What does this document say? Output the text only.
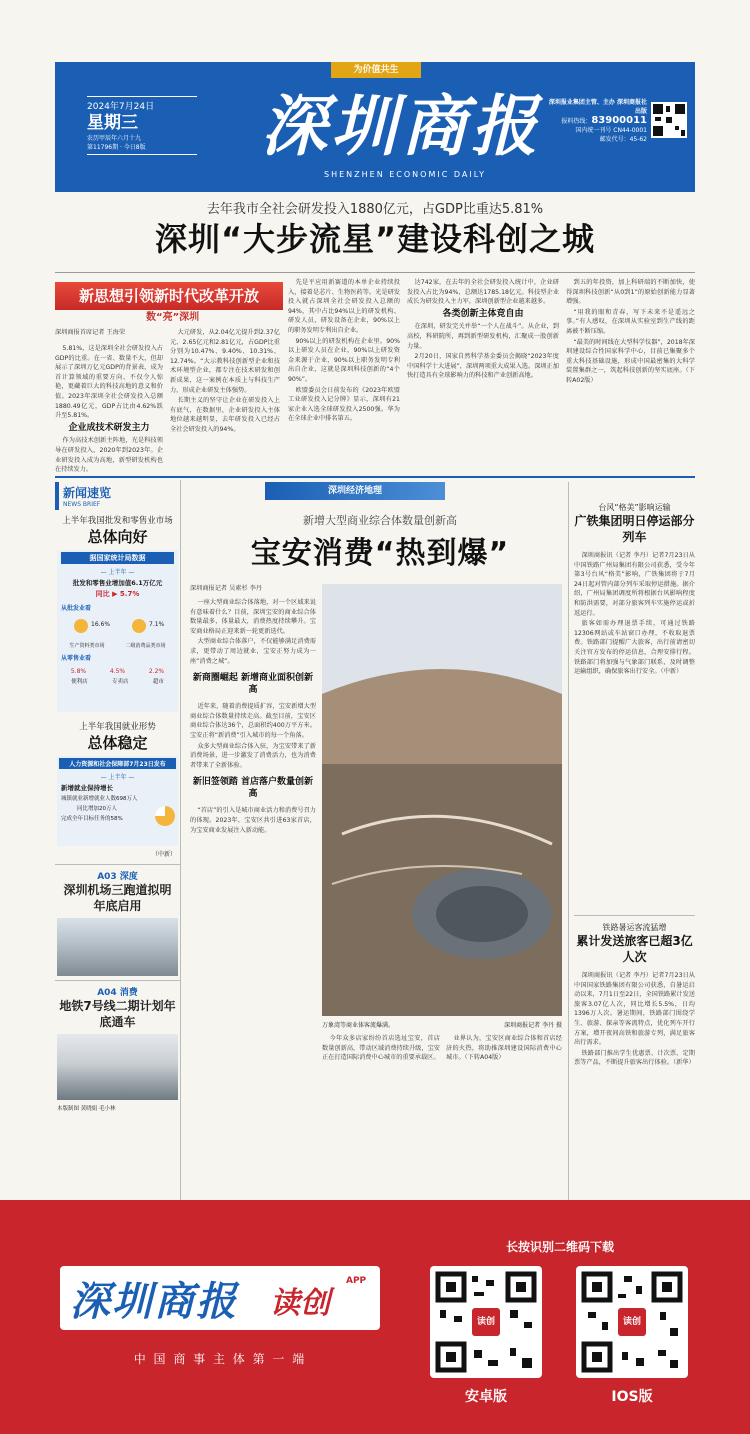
为价值共生
2024年7月24日
星期三
农历甲辰年六月十九
第11796期 · 今日8版	深圳商报
SHENZHEN ECONOMIC DAILY
深圳报业集团主管、主办 深圳商报社出版
报料热线：83900011
国内统一刊号 CN44-0001
邮发代号：45-62
去年我市全社会研发投入1880亿元，占GDP比重达5.81%
深圳“大步流星”建设科创之城
新思想引领新时代改革开放
数“亮”深圳
深圳商报首席记者 王海荣

5.81%，这是深圳全社会研发投入占GDP的比重。在一省、数量不大，但却展示了深圳万亿元GDP的背景表，成为首计算领域的重要方向、不仅令人惊艳，更藏着巨大的科技高地的意义和价值。2023年深圳全社会研发投入总额1880.49亿元，GDP占比由4.62%跃升至5.81%。

企业成技术研发主力

作为高技术创新主阵地，光是科技领导在研发投入，2020年到2023年。企业研发投入成为高地，新型研发机构也在持续发力。

大元研发，从2.04亿元提升到2.37亿元、2.65亿元和2.81亿元，占GDP比重分别为10.47%、9.40%、10.31%、12.74%。“大示教科技创新型企业和技术环境型企业，都专注在技术研发和创新成果，这一案例在本质上与科技生产力，形成企业研发主体强势。

长期主义的坚守让企业在研发投入上有底气，在数据里，企业研发投入主体地位越来越明显，去年研发投入已经占全社会研发投入的94%。

先是平应用新赛道的本单企业持续投入，接着是芯片、生物医药等。光是研发投入就占深圳全社会研发投入总额的94%，其中占比94%以上的研发机构、研发人员，研发设备在企业，90%以上的职务发明专利出自企业。

90%以上的研发机构在企业里。90%以上研发人员在企业，90%以上研发资金来源于企业，90%以上职务发明专利出自企业，这就是深圳科技创新的“4个90%”。

欧盟委员会日前发布的《2023年欧盟工业研发投入记分牌》显示，深圳有21家企业入选全球研发投入2500强。华为在全球企业中排名第五。

达742家，在去年的全社会研发投入统计中，企业研发投入占比为94%，总额达1785.18亿元。科技型企业成长为研发投入主力军，深圳创新型企业越来越多。

各类创新主体竞自由

在深圳，研发完关并举“一个人在战斗”。从企业，到高校，科研院所，再到新型研发机构，汇聚成一股创新力量。

2月20日，国家自然科学基金委员会揭晓“2023年度中国科学十大进展”，深圳两项重大成果入选。深圳正加快打造具有全球影响力的科技和产业创新高地。

到五的年投资，加上科研端的不断加快，使得深圳科技创新“从0到1”的原始创新能力显著增强。

“用我的眼和青春，写下未来不是遥远之事。”有人感叹，在深圳从实验室到生产线的距离被不断压缩。

“最美的时间线在大型科学仪器”，2018年深圳建设综合性国家科学中心，目前已集聚多个重大科技基础设施，形成中国最密集的大科学装置集群之一，筑起科技创新的坚实底座。（下转A02版）

新闻速览
NEWS BRIEF
上半年我国批发和零售业市场
总体向好
据国家统计局数据
— 上半年 —
批发和零售业增加值6.1万亿元
同比 ▶ 5.7%
从批发业看
16.6%	7.1%
生产资料类市场	二级消费品类市场
从零售业看
5.8%	4.5%	2.2%
便利店	专卖店	超市
上半年我国就业形势
总体稳定
人力资源和社会保障部7月23日发布
— 上半年 —
新增就业保持增长
城镇就业新增就业人数698万人
同比增加20万人
完成全年目标任务的58%
（中新）
A03 深度
深圳机场三跑道拟明年底启用
A04 消费
地铁7号线二期计划年底通车
本版制图 黄晓娟 毛小林
深圳经济地理
新增大型商业综合体数量创新高
宝安消费“热到爆”
深圳商报记者 吴素杉 李丹

一座大型商业综合体落地，对一个区域来说有意味着什么？目前，深圳宝安的商业综合体数量最多，体量最大，消费热度持续攀升。宝安商业格局正迎来新一轮更新迭代。

大型商业综合体落户，不仅能够满足消费需求，更带动了周边就业，宝安正努力成为一座“消费之城”。

新商圈崛起 新增商业面积创新高

近年来，随着消费提质扩容，宝安新增大型商业综合体数量持续走高。截至目前，宝安区商业综合体达36个，总面积约400万平方米。宝安正将“新消费”引入城市的每一个角落。

众多大型商业综合体入驻，为宝安带来了新消费场景，进一步激发了消费活力，也为消费者带来了全新体验。

新旧签领踏 首店落户数量创新高

“首店”的引入是城市商业活力和消费号召力的体现。2023年，宝安区共引进63家首店，为宝安商业发展注入新动能。

万象湾等商业体客流爆满。	深圳商报记者 李丹 摄

今年众多店家纷纷首店选址宝安，首店数量创新高，带动区域消费持续升级，宝安正在打造国际消费中心城市的重要承载区。

业界认为，宝安区商业综合体和首店经济的火热，将助推深圳建设国际消费中心城市。（下转A04版）

台风“格美”影响运输
广铁集团明日停运部分列车

深圳商报讯（记者 李丹）记者7月23日从中国铁路广州局集团有限公司获悉，受今年第3号台风“格美”影响，广铁集团将于7月24日起对管内部分列车采取停运措施。据介绍，广州局集团调度所将根据台风影响程度和防洪需要，对部分旅客列车实施停运或折返运行。

旅客如需办理退票手续，可通过铁路12306网站或车站窗口办理，不收取退票费。铁路部门提醒广大旅客，出行前请密切关注官方发布的停运信息，合理安排行程。铁路部门将加强与气象部门联系，及时调整运输组织，确保旅客出行安全。（中新）

铁路暑运客流猛增
累计发送旅客已超3亿人次

深圳商报讯（记者 李丹）记者7月23日从中国国家铁路集团有限公司获悉，自暑运启动以来，7月1日至22日，全国铁路累计发送旅客3.07亿人次，同比增长5.5%，日均1396万人次。暑运期间，铁路部门围绕学生、旅游、探亲等客流特点，优化列车开行方案，增开夜间高铁和旅游专列，满足旅客出行需求。

铁路部门推出学生优惠票、计次票、定期票等产品，不断提升旅客出行体验。（新华）

深圳商报 读创
APP
中 国 商 事 主 体 第 一 端
长按识别二维码下载
读创
安卓版
读创
IOS版
